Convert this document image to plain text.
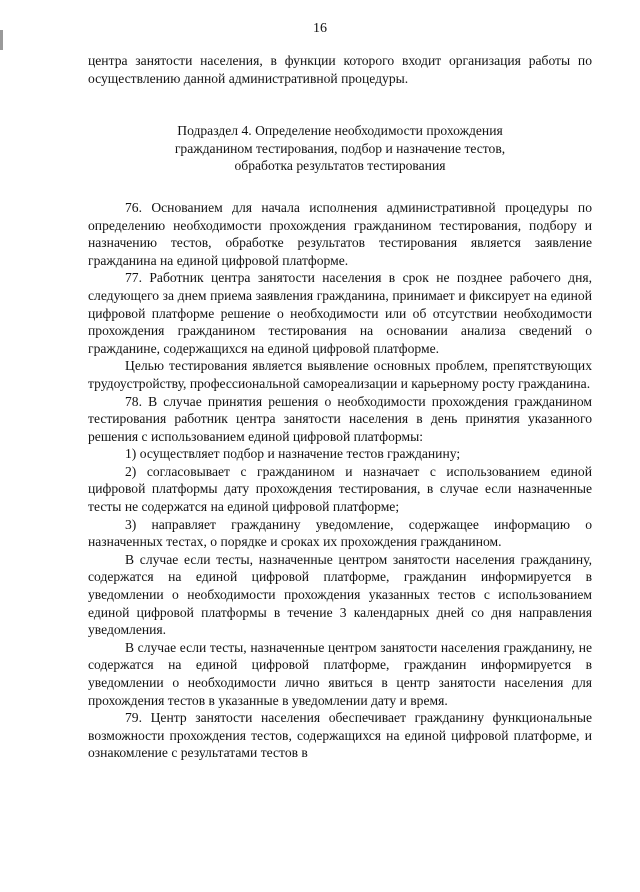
16

центра занятости населения, в функции которого входит организация работы по осуществлению данной административной процедуры.

Подраздел 4. Определение необходимости прохождения
гражданином тестирования, подбор и назначение тестов,
обработка результатов тестирования

76. Основанием для начала исполнения административной процедуры по определению необходимости прохождения гражданином тестирования, подбору и назначению тестов, обработке результатов тестирования является заявление гражданина на единой цифровой платформе.

77. Работник центра занятости населения в срок не позднее рабочего дня, следующего за днем приема заявления гражданина, принимает и фиксирует на единой цифровой платформе решение о необходимости или об отсутствии необходимости прохождения гражданином тестирования на основании анализа сведений о гражданине, содержащихся на единой цифровой платформе.

Целью тестирования является выявление основных проблем, препятствующих трудоустройству, профессиональной самореализации и карьерному росту гражданина.

78. В случае принятия решения о необходимости прохождения гражданином тестирования работник центра занятости населения в день принятия указанного решения с использованием единой цифровой платформы:

1) осуществляет подбор и назначение тестов гражданину;

2) согласовывает с гражданином и назначает с использованием единой цифровой платформы дату прохождения тестирования, в случае если назначенные тесты не содержатся на единой цифровой платформе;

3) направляет гражданину уведомление, содержащее информацию о назначенных тестах, о порядке и сроках их прохождения гражданином.

В случае если тесты, назначенные центром занятости населения гражданину, содержатся на единой цифровой платформе, гражданин информируется в уведомлении о необходимости прохождения указанных тестов с использованием единой цифровой платформы в течение 3 календарных дней со дня направления уведомления.

В случае если тесты, назначенные центром занятости населения гражданину, не содержатся на единой цифровой платформе, гражданин информируется в уведомлении о необходимости лично явиться в центр занятости населения для прохождения тестов в указанные в уведомлении дату и время.

79. Центр занятости населения обеспечивает гражданину функциональные возможности прохождения тестов, содержащихся на единой цифровой платформе, и ознакомление с результатами тестов в
